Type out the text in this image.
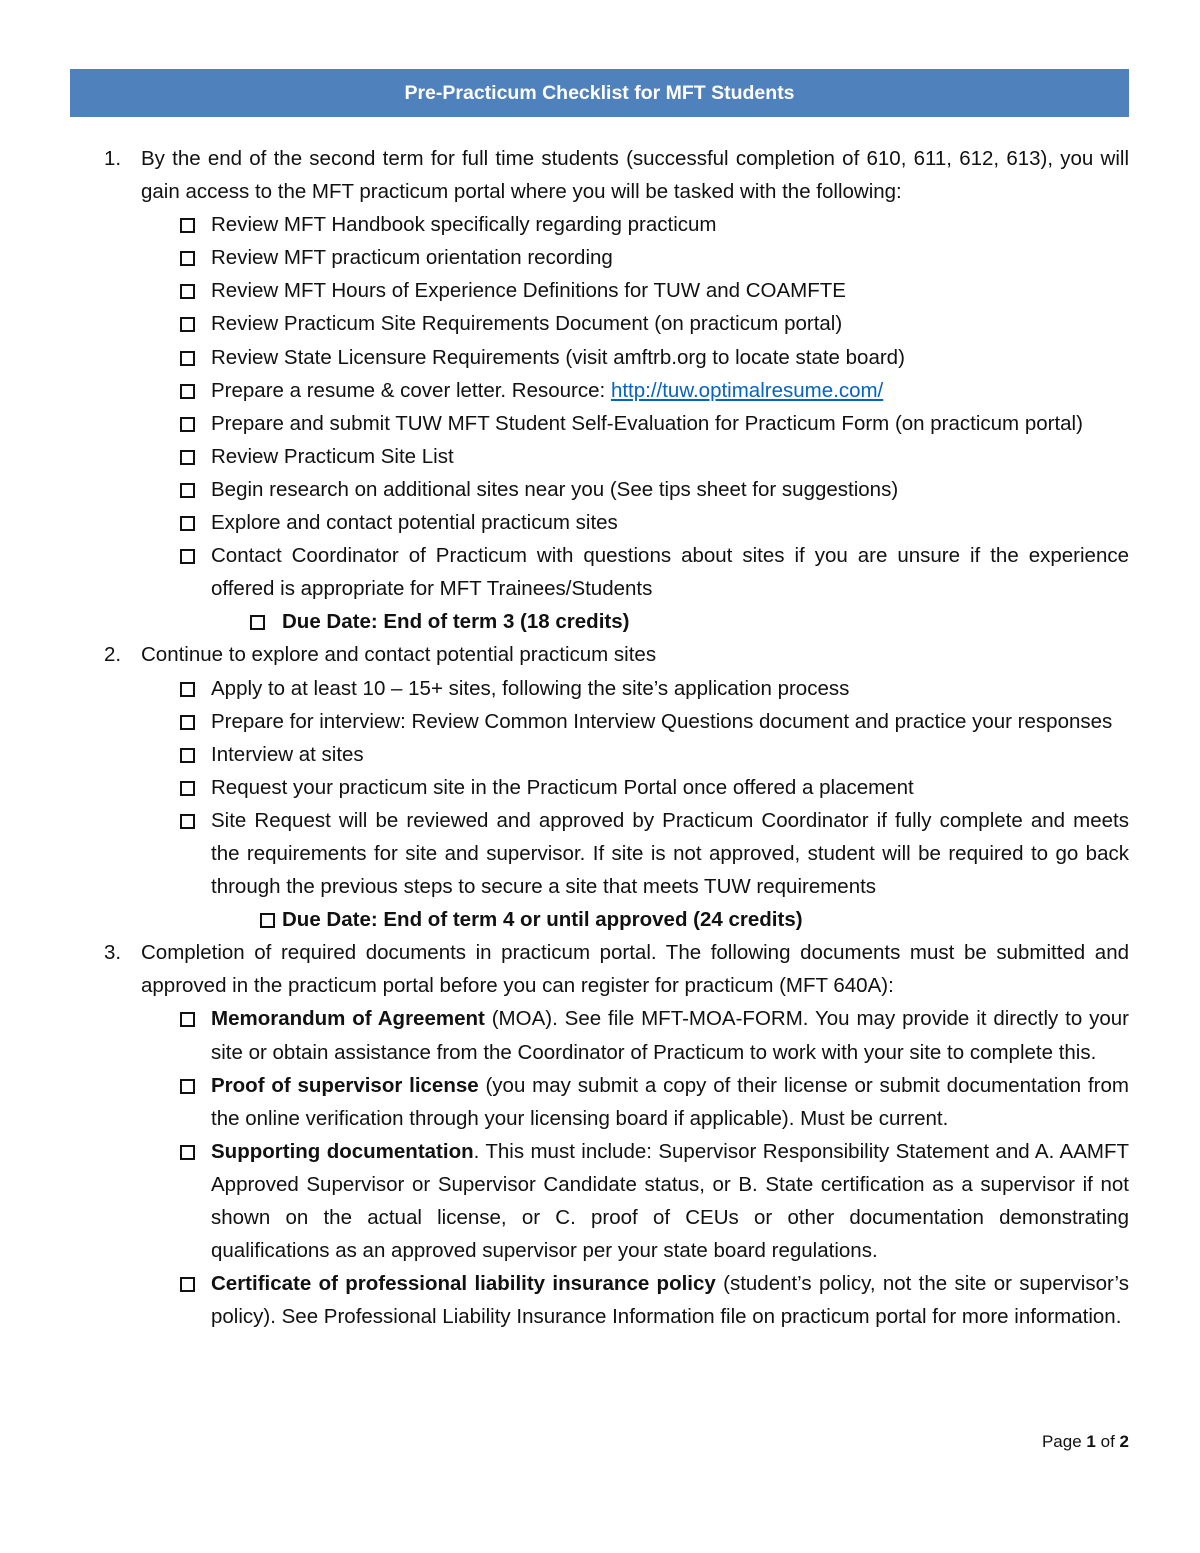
Pre-Practicum Checklist for MFT Students
1. By the end of the second term for full time students (successful completion of 610, 611, 612, 613), you will gain access to the MFT practicum portal where you will be tasked with the following:
Review MFT Handbook specifically regarding practicum
Review MFT practicum orientation recording
Review MFT Hours of Experience Definitions for TUW and COAMFTE
Review Practicum Site Requirements Document (on practicum portal)
Review State Licensure Requirements (visit amftrb.org to locate state board)
Prepare a resume & cover letter. Resource: http://tuw.optimalresume.com/
Prepare and submit TUW MFT Student Self-Evaluation for Practicum Form (on practicum portal)
Review Practicum Site List
Begin research on additional sites near you (See tips sheet for suggestions)
Explore and contact potential practicum sites
Contact Coordinator of Practicum with questions about sites if you are unsure if the experience offered is appropriate for MFT Trainees/Students
Due Date: End of term 3 (18 credits)
2. Continue to explore and contact potential practicum sites
Apply to at least 10 – 15+ sites, following the site’s application process
Prepare for interview: Review Common Interview Questions document and practice your responses
Interview at sites
Request your practicum site in the Practicum Portal once offered a placement
Site Request will be reviewed and approved by Practicum Coordinator if fully complete and meets the requirements for site and supervisor. If site is not approved, student will be required to go back through the previous steps to secure a site that meets TUW requirements
Due Date: End of term 4 or until approved (24 credits)
3. Completion of required documents in practicum portal. The following documents must be submitted and approved in the practicum portal before you can register for practicum (MFT 640A):
Memorandum of Agreement (MOA). See file MFT-MOA-FORM. You may provide it directly to your site or obtain assistance from the Coordinator of Practicum to work with your site to complete this.
Proof of supervisor license (you may submit a copy of their license or submit documentation from the online verification through your licensing board if applicable). Must be current.
Supporting documentation. This must include: Supervisor Responsibility Statement and A. AAMFT Approved Supervisor or Supervisor Candidate status, or B. State certification as a supervisor if not shown on the actual license, or C. proof of CEUs or other documentation demonstrating qualifications as an approved supervisor per your state board regulations.
Certificate of professional liability insurance policy (student’s policy, not the site or supervisor’s policy). See Professional Liability Insurance Information file on practicum portal for more information.
Page 1 of 2
